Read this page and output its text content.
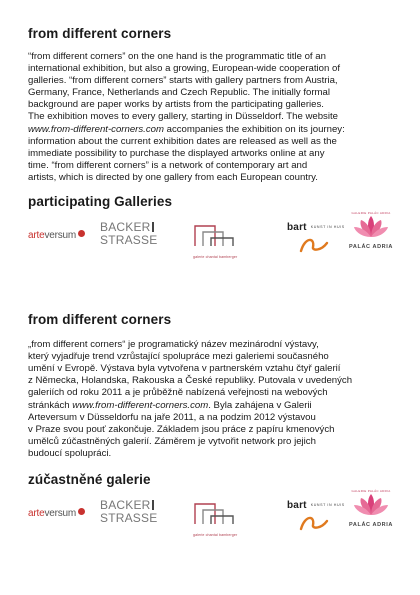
from different corners

“from different corners” on the one hand is the programmatic title of an
international exhibition, but also a growing, European-wide cooperation of
galleries. “from different corners” starts with gallery partners from Austria,
Germany, France, Netherlands and Czech Republic. The initially formal
background are paper works by artists from the participating galleries.
The exhibition moves to every gallery, starting in Düsseldorf. The website
www.from-different-corners.com accompanies the exhibition on its journey:
information about the current exhibition dates are released as well as the
immediate possibility to purchase the displayed artworks online at any
time. “from different corners” is a network of contemporary art and
artists, which is directed by one gallery from each European country.

participating Galleries
arte versum
BACKER
STRASSE
galerie chantal bamberger
bart $^{KUNST IN HUIS}$
GALERIE PALÁC ADRIA
PALÁC ADRIA
from different corners

„from different corners“ je programatický název mezinárodní výstavy,
který vyjadřuje trend vzrůstající spolupráce mezi galeriemi současného
umění v Evropě. Výstava byla vytvořena v partnerském vztahu čtyř galerií
z Německa, Holandska, Rakouska a České republiky. Putovala v uvedených
galeriích od roku 2011 a je průběžně nabízená veřejnosti na webových
stránkách www.from-different-corners.com. Byla zahájena v Galerii
Arteversum v Düsseldorfu na jaře 2011, a na podzim 2012 výstavou
v Praze svou pouť zakončuje. Základem jsou práce z papíru kmenových
umělců zúčastněných galerií. Záměrem je vytvořit network pro jejich
budoucí spolupráci.

zúčastněné galerie
arte versum
BACKER
STRASSE
galerie chantal bamberger
bart $^{KUNST IN HUIS}$
GALERIE PALÁC ADRIA
PALÁC ADRIA
